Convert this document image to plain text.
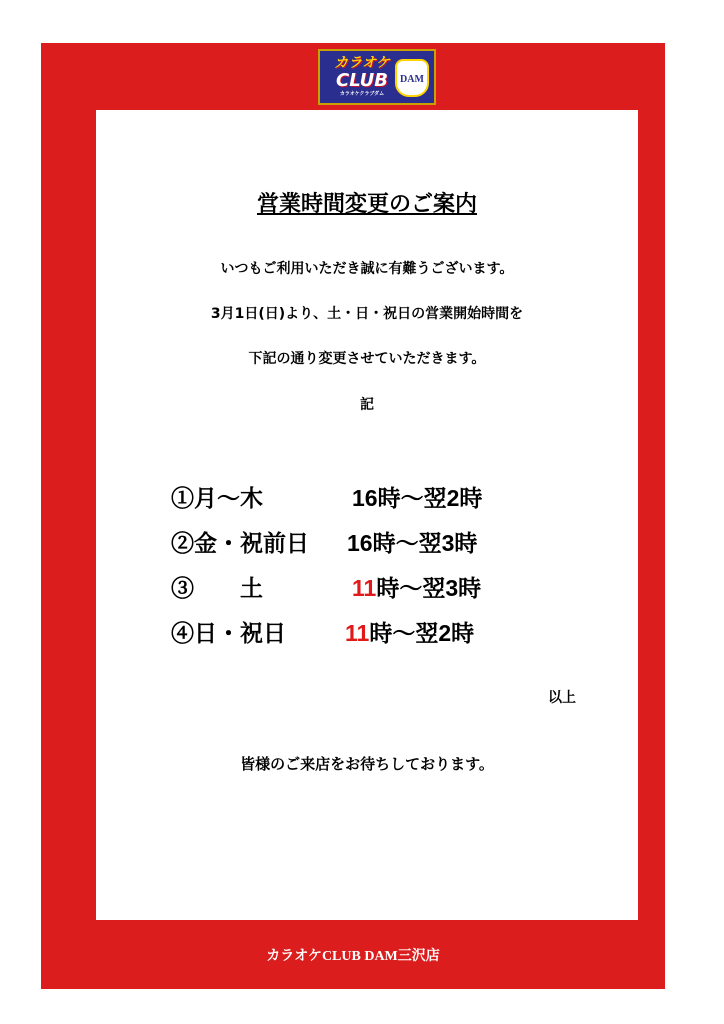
カラオケ
CLUB
カラオケクラブダム
DAM
営業時間変更のご案内

いつもご利用いただき誠に有難うございます。

3月1日(日)より、土・日・祝日の営業開始時間を

下記の通り変更させていただきます。

記
①月～木	16時～翌2時
②金・祝前日 16時～翌3時
③　　土	11時～翌3時
④日・祝日	11時～翌2時
以上
皆様のご来店をお待ちしております。
カラオケCLUB DAM三沢店
